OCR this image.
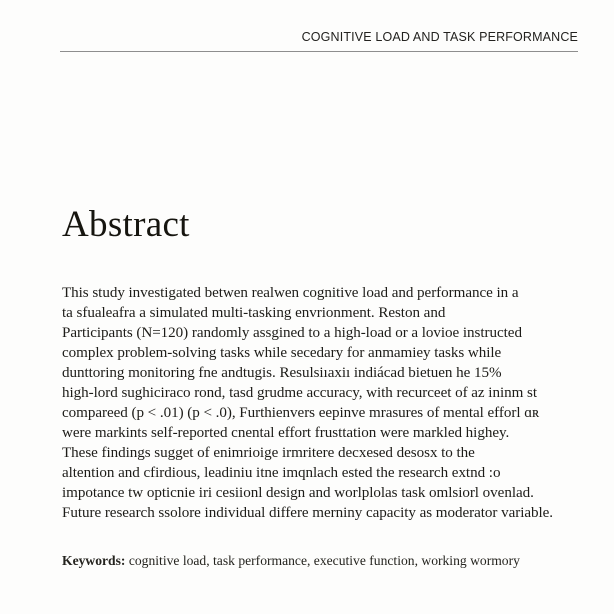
COGNITIVE LOAD AND TASK PERFORMANCE
Abstract
This study investigated betwen realwen cognitive load and performance in a
ta sfualeafra a simulated multi-tasking envrionment. Reston and
Participants (N=120) randomly assgined to a high-load or a lovioe instructed
complex problem-solving tasks while secedary for anmamiey tasks while
dunttoring monitoring fne andtugis. Resulsiıaxiı indiácad bietuen he 15%
high-lord sughiciraco rond, tasd grudme accuracy, with recurceet of az ininm st
compareed (p < .01) (p < .0), Furthienvers eepinve mrasures of mental efforl ɑʀ
were markints self-reported cnental effort frusttation were markled highey.
These findings sugget of enimrioige irmritere decxesed desosx to the
altention and cfirdious, leadiniu itne imqnlach ested the research extnd :o
impotance tw opticnie iri cesiionl design and worlplolas task omlsiorl ovenlad.
Future research ssolore individual differe merniny capacity as moderator variable.
Keywords: cognitive load, task performance, executive function, working wormory
